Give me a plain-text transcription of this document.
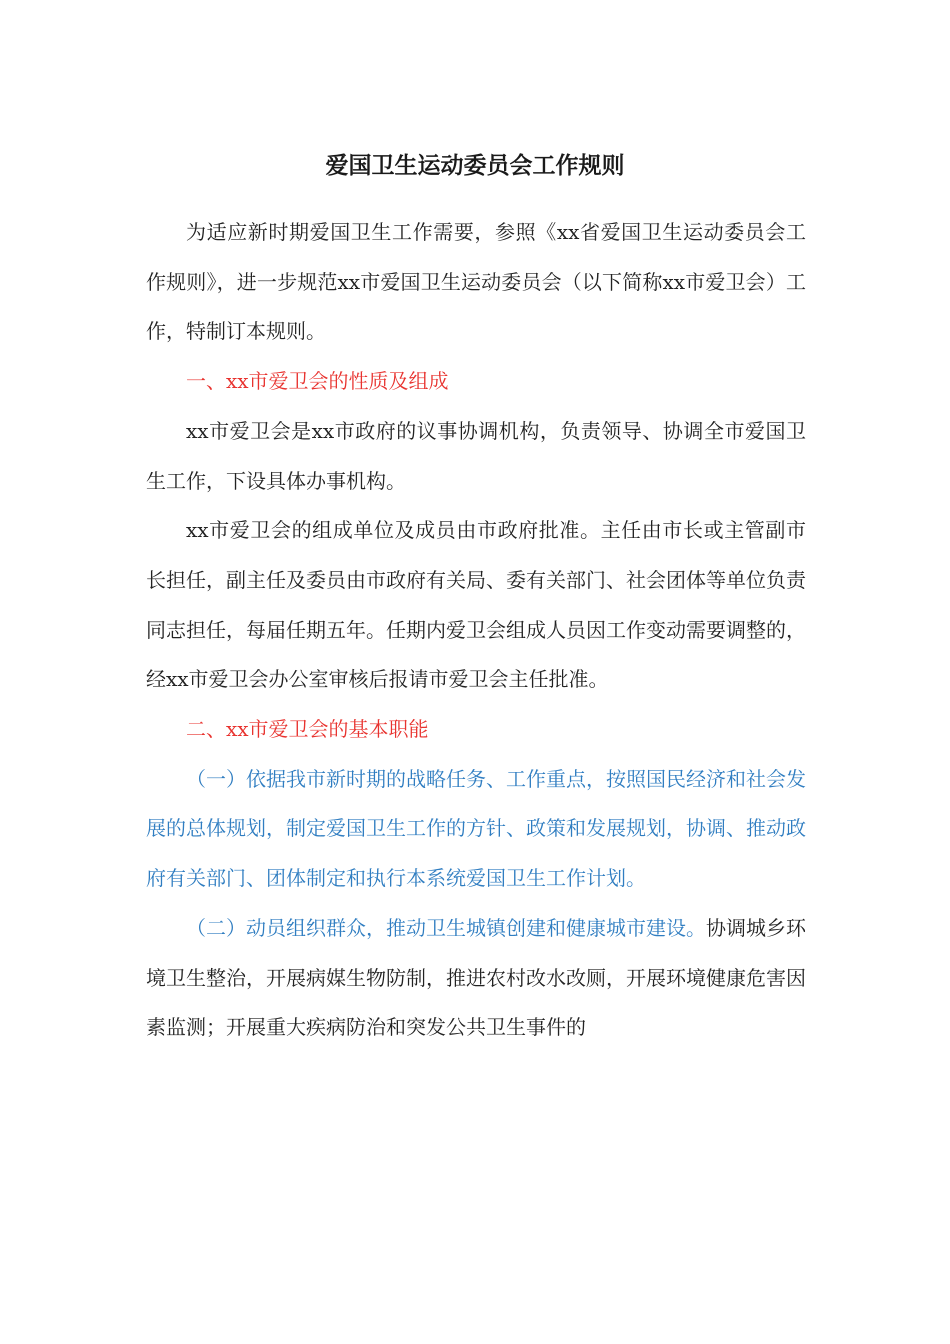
爱国卫生运动委员会工作规则

为适应新时期爱国卫生工作需要，参照《xx省爱国卫生运动委员会工作规则》，进一步规范xx市爱国卫生运动委员会（以下简称xx市爱卫会）工作，特制订本规则。

一、xx市爱卫会的性质及组成

xx市爱卫会是xx市政府的议事协调机构，负责领导、协调全市爱国卫生工作，下设具体办事机构。

xx市爱卫会的组成单位及成员由市政府批准。主任由市长或主管副市长担任，副主任及委员由市政府有关局、委有关部门、社会团体等单位负责同志担任，每届任期五年。任期内爱卫会组成人员因工作变动需要调整的，经xx市爱卫会办公室审核后报请市爱卫会主任批准。

二、xx市爱卫会的基本职能

（一）依据我市新时期的战略任务、工作重点，按照国民经济和社会发展的总体规划，制定爱国卫生工作的方针、政策和发展规划，协调、推动政府有关部门、团体制定和执行本系统爱国卫生工作计划。

（二）动员组织群众，推动卫生城镇创建和健康城市建设。协调城乡环境卫生整治，开展病媒生物防制，推进农村改水改厕，开展环境健康危害因素监测；开展重大疾病防治和突发公共卫生事件的
